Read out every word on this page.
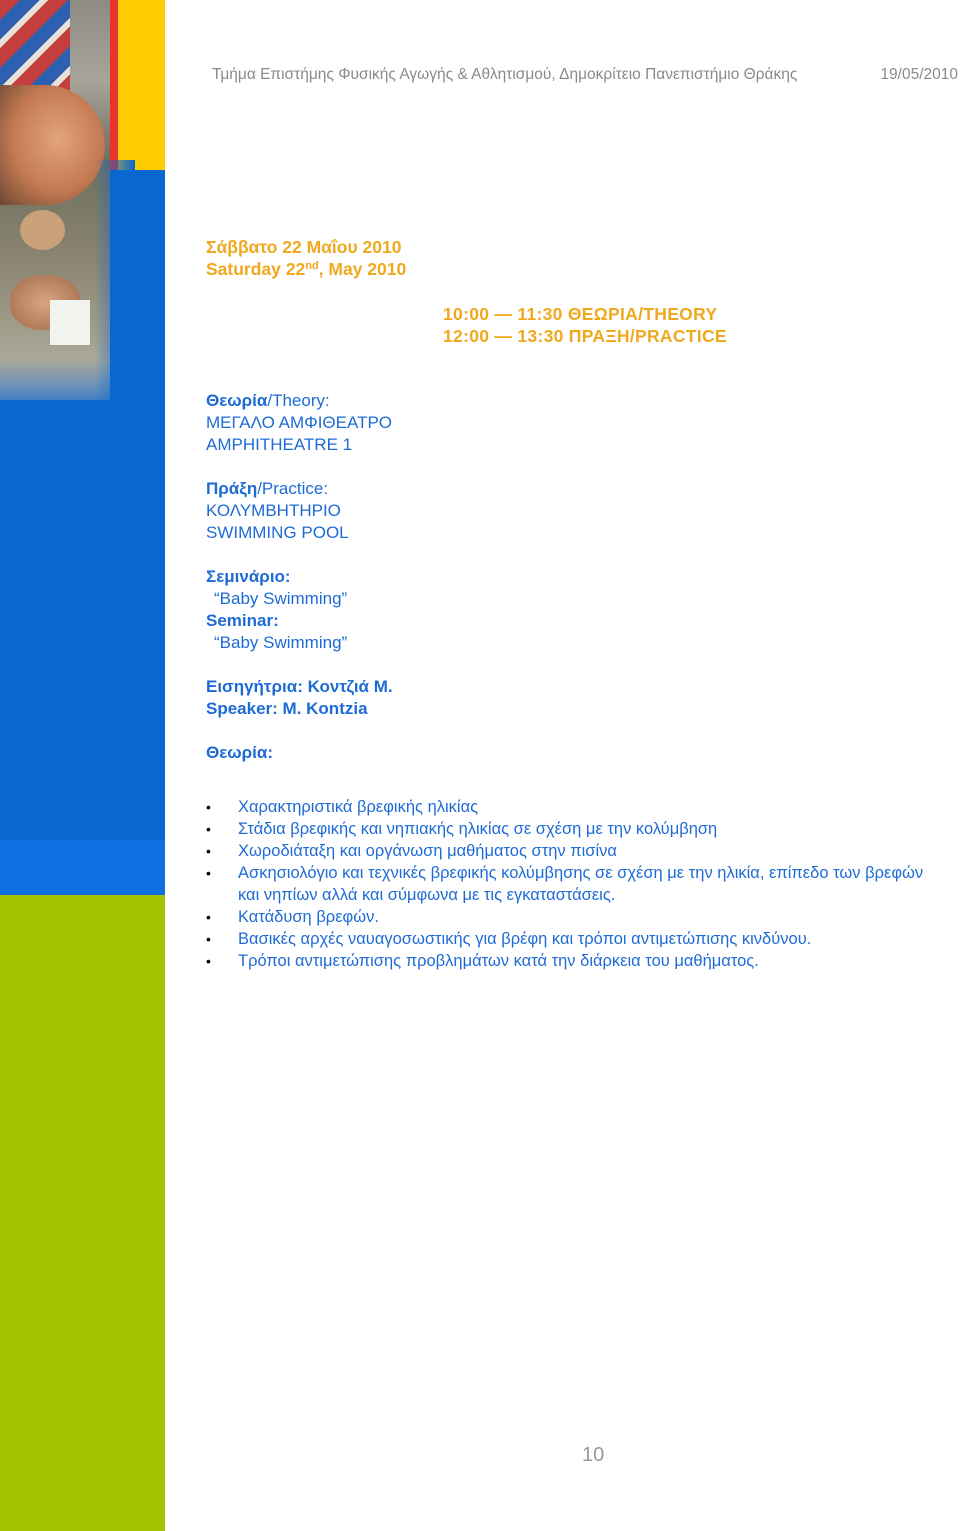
Τμήμα Επιστήμης Φυσικής Αγωγής & Αθλητισμού, Δημοκρίτειο Πανεπιστήμιο Θράκης	19/05/2010
Σάββατο 22 Μαΐου 2010
Saturday 22nd, May 2010
10:00 — 11:30 ΘΕΩΡΙΑ/THEORY
12:00 — 13:30 ΠΡΑΞΗ/PRACTICE
Θεωρία/Theory:
ΜΕΓΑΛΟ ΑΜΦΙΘΕΑΤΡΟ
AMPHITHEATRE 1
Πράξη/Practice:
ΚΟΛΥΜΒΗΤΗΡΙΟ
SWIMMING POOL
Σεμινάριο:
“Baby Swimming”
Seminar:
“Baby Swimming”
Εισηγήτρια: Κοντζιά Μ.
Speaker: M. Kontzia
Θεωρία:
• Χαρακτηριστικά βρεφικής ηλικίας
• Στάδια βρεφικής και νηπιακής ηλικίας σε σχέση με την κολύμβηση
• Χωροδιάταξη και οργάνωση μαθήματος στην πισίνα
• Ασκησιολόγιο και τεχνικές βρεφικής κολύμβησης σε σχέση με την ηλικία, επίπεδο των βρεφών και νηπίων αλλά και σύμφωνα με τις εγκαταστάσεις.
• Κατάδυση βρεφών.
• Βασικές αρχές ναυαγοσωστικής για βρέφη και τρόποι αντιμετώπισης κινδύνου.
• Τρόποι αντιμετώπισης προβλημάτων κατά την διάρκεια του μαθήματος.
10
